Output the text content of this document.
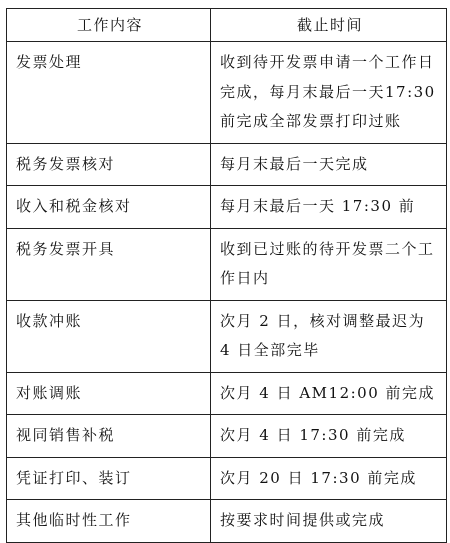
工作内容	截止时间

发票处理	收到待开发票申请一个工作日完成，每月末最后一天17:30前完成全部发票打印过账

税务发票核对	每月末最后一天完成

收入和税金核对	每月末最后一天 17:30 前

税务发票开具	收到已过账的待开发票二个工作日内

收款冲账	次月 2 日，核对调整最迟为 4 日全部完毕

对账调账	次月 4 日 AM12:00 前完成

视同销售补税	次月 4 日 17:30 前完成

凭证打印、装订	次月 20 日 17:30 前完成

其他临时性工作	按要求时间提供或完成
